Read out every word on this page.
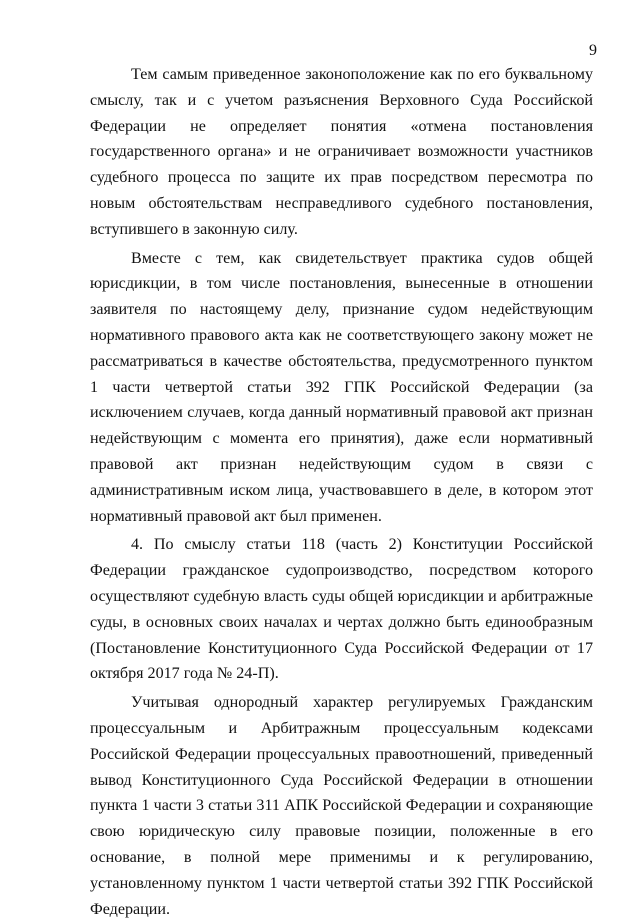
9

Тем самым приведенное законоположение как по его буквальному смыслу, так и с учетом разъяснения Верховного Суда Российской Федерации не определяет понятия «отмена постановления государственного органа» и не ограничивает возможности участников судебного процесса по защите их прав посредством пересмотра по новым обстоятельствам несправедливого судебного постановления, вступившего в законную силу.

Вместе с тем, как свидетельствует практика судов общей юрисдикции, в том числе постановления, вынесенные в отношении заявителя по настоящему делу, признание судом недействующим нормативного правового акта как не соответствующего закону может не рассматриваться в качестве обстоятельства, предусмотренного пунктом 1 части четвертой статьи 392 ГПК Российской Федерации (за исключением случаев, когда данный нормативный правовой акт признан недействующим с момента его принятия), даже если нормативный правовой акт признан недействующим судом в связи с административным иском лица, участвовавшего в деле, в котором этот нормативный правовой акт был применен.

4. По смыслу статьи 118 (часть 2) Конституции Российской Федерации гражданское судопроизводство, посредством которого осуществляют судебную власть суды общей юрисдикции и арбитражные суды, в основных своих началах и чертах должно быть единообразным (Постановление Конституционного Суда Российской Федерации от 17 октября 2017 года № 24-П).

Учитывая однородный характер регулируемых Гражданским процессуальным и Арбитражным процессуальным кодексами Российской Федерации процессуальных правоотношений, приведенный вывод Конституционного Суда Российской Федерации в отношении пункта 1 части 3 статьи 311 АПК Российской Федерации и сохраняющие свою юридическую силу правовые позиции, положенные в его основание, в полной мере применимы и к регулированию, установленному пунктом 1 части четвертой статьи 392 ГПК Российской Федерации.
